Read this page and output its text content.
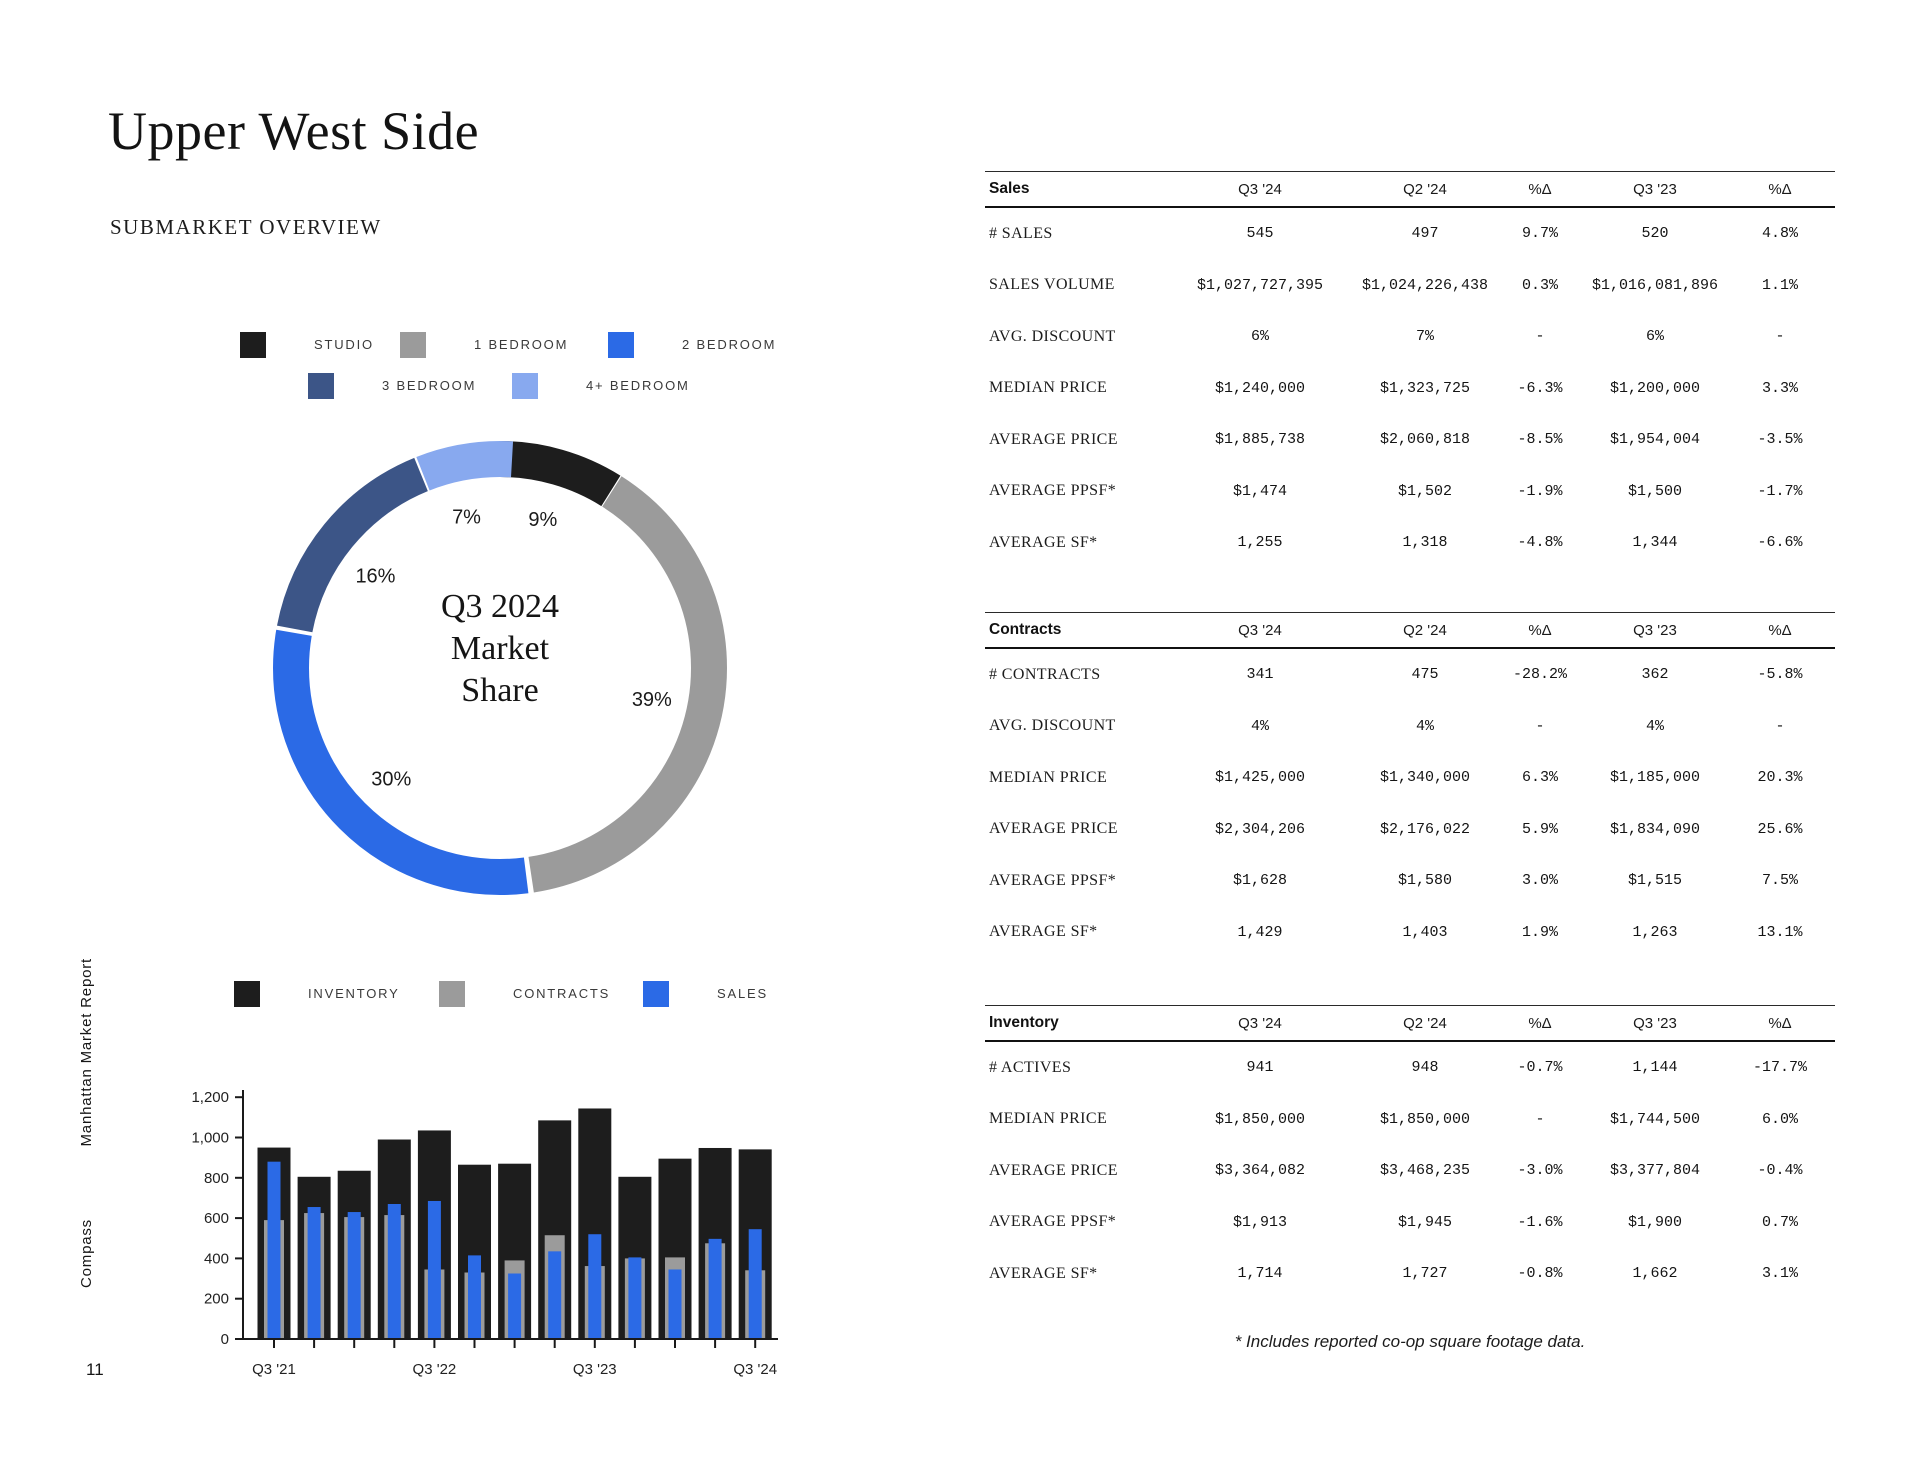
Upper West Side
SUBMARKET OVERVIEW
STUDIO	1 BEDROOM	2 BEDROOM
3 BEDROOM	4+ BEDROOM
9%
39%
30%
16%
7%
Q3 2024
Market
Share
INVENTORY	CONTRACTS	SALES
0
200
400
600
800
1,000
1,200
Q3 '21	Q3 '22	Q3 '23	Q3 '24
Sales	Q3 '24	Q2 '24	%Δ	Q3 '23	%Δ
# SALES	545	497	9.7%	520	4.8%
SALES VOLUME	$1,027,727,395	$1,024,226,438	0.3%	$1,016,081,896	1.1%
AVG. DISCOUNT	6%	7%	-	6%	-
MEDIAN PRICE	$1,240,000	$1,323,725	-6.3%	$1,200,000	3.3%
AVERAGE PRICE	$1,885,738	$2,060,818	-8.5%	$1,954,004	-3.5%
AVERAGE PPSF*	$1,474	$1,502	-1.9%	$1,500	-1.7%
AVERAGE SF*	1,255	1,318	-4.8%	1,344	-6.6%
Contracts	Q3 '24	Q2 '24	%Δ	Q3 '23	%Δ
# CONTRACTS	341	475	-28.2%	362	-5.8%
AVG. DISCOUNT	4%	4%	-	4%	-
MEDIAN PRICE	$1,425,000	$1,340,000	6.3%	$1,185,000	20.3%
AVERAGE PRICE	$2,304,206	$2,176,022	5.9%	$1,834,090	25.6%
AVERAGE PPSF*	$1,628	$1,580	3.0%	$1,515	7.5%
AVERAGE SF*	1,429	1,403	1.9%	1,263	13.1%
Inventory	Q3 '24	Q2 '24	%Δ	Q3 '23	%Δ
# ACTIVES	941	948	-0.7%	1,144	-17.7%
MEDIAN PRICE	$1,850,000	$1,850,000	-	$1,744,500	6.0%
AVERAGE PRICE	$3,364,082	$3,468,235	-3.0%	$3,377,804	-0.4%
AVERAGE PPSF*	$1,913	$1,945	-1.6%	$1,900	0.7%
AVERAGE SF*	1,714	1,727	-0.8%	1,662	3.1%
* Includes reported co-op square footage data.
Compass
Manhattan Market Report
11
